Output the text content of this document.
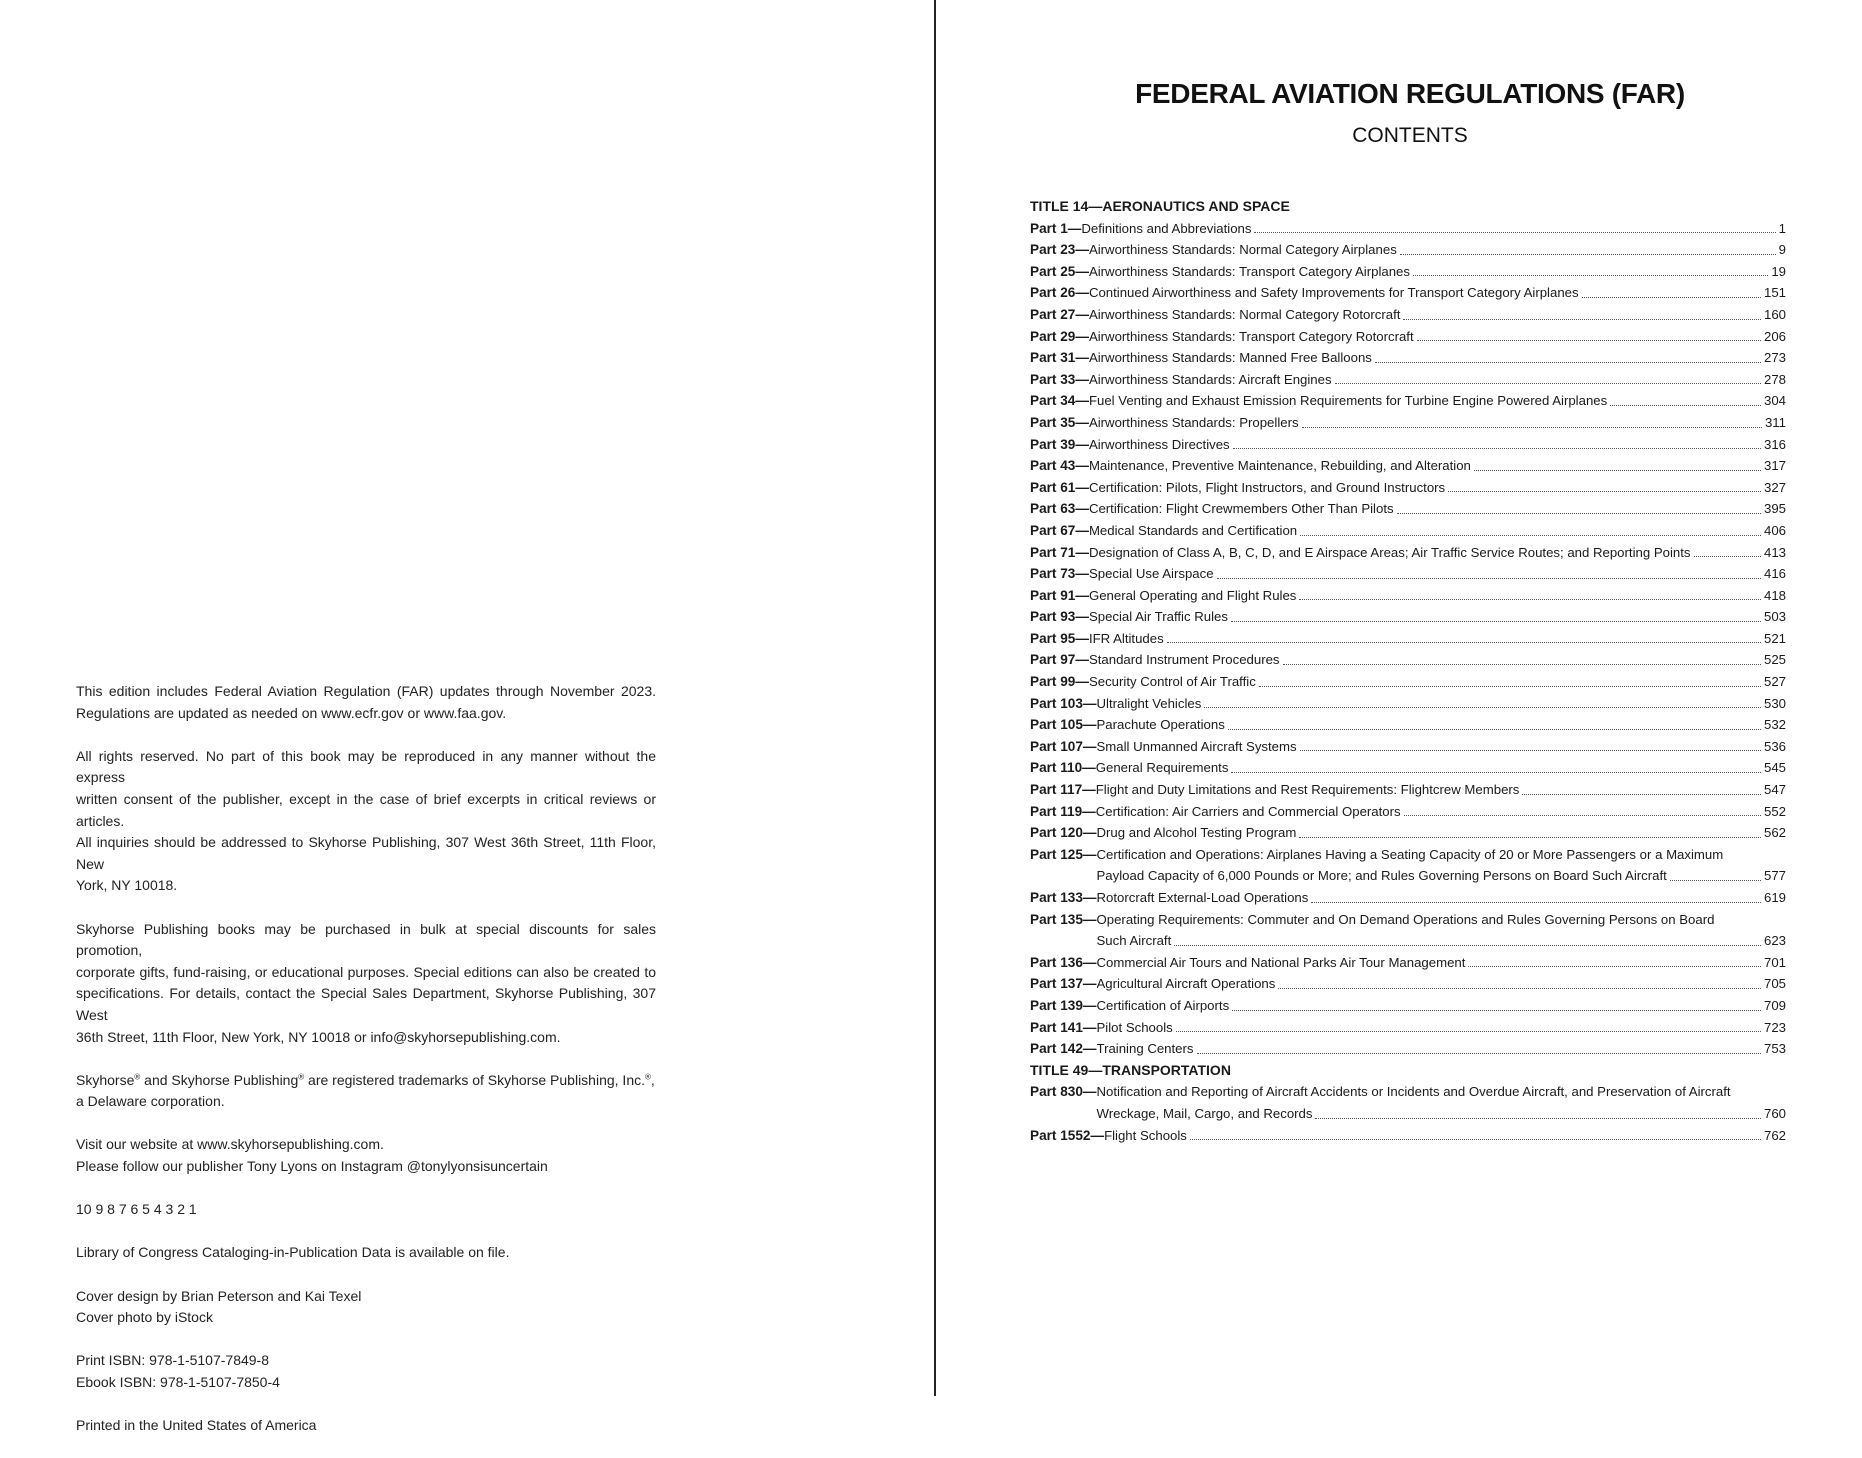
This edition includes Federal Aviation Regulation (FAR) updates through November 2023.
Regulations are updated as needed on www.ecfr.gov or www.faa.gov.

All rights reserved. No part of this book may be reproduced in any manner without the express
written consent of the publisher, except in the case of brief excerpts in critical reviews or articles.
All inquiries should be addressed to Skyhorse Publishing, 307 West 36th Street, 11th Floor, New
York, NY 10018.

Skyhorse Publishing books may be purchased in bulk at special discounts for sales promotion,
corporate gifts, fund-raising, or educational purposes. Special editions can also be created to
specifications. For details, contact the Special Sales Department, Skyhorse Publishing, 307 West
36th Street, 11th Floor, New York, NY 10018 or info@skyhorsepublishing.com.

Skyhorse® and Skyhorse Publishing® are registered trademarks of Skyhorse Publishing, Inc.®,
a Delaware corporation.

Visit our website at www.skyhorsepublishing.com.
Please follow our publisher Tony Lyons on Instagram @tonylyonsisuncertain

10 9 8 7 6 5 4 3 2 1

Library of Congress Cataloging-in-Publication Data is available on file.

Cover design by Brian Peterson and Kai Texel
Cover photo by iStock

Print ISBN: 978-1-5107-7849-8
Ebook ISBN: 978-1-5107-7850-4

Printed in the United States of America

FEDERAL AVIATION REGULATIONS (FAR)
CONTENTS
TITLE 14—AERONAUTICS AND SPACE
Part 1— Definitions and Abbreviations	1
Part 23— Airworthiness Standards: Normal Category Airplanes	9
Part 25— Airworthiness Standards: Transport Category Airplanes	19
Part 26— Continued Airworthiness and Safety Improvements for Transport Category Airplanes	151
Part 27— Airworthiness Standards: Normal Category Rotorcraft	160
Part 29— Airworthiness Standards: Transport Category Rotorcraft	206
Part 31— Airworthiness Standards: Manned Free Balloons	273
Part 33— Airworthiness Standards: Aircraft Engines	278
Part 34— Fuel Venting and Exhaust Emission Requirements for Turbine Engine Powered Airplanes	304
Part 35— Airworthiness Standards: Propellers	311
Part 39— Airworthiness Directives	316
Part 43— Maintenance, Preventive Maintenance, Rebuilding, and Alteration	317
Part 61— Certification: Pilots, Flight Instructors, and Ground Instructors	327
Part 63— Certification: Flight Crewmembers Other Than Pilots	395
Part 67— Medical Standards and Certification	406
Part 71— Designation of Class A, B, C, D, and E Airspace Areas; Air Traffic Service Routes; and Reporting Points	413
Part 73— Special Use Airspace	416
Part 91— General Operating and Flight Rules	418
Part 93— Special Air Traffic Rules	503
Part 95— IFR Altitudes	521
Part 97— Standard Instrument Procedures	525
Part 99— Security Control of Air Traffic	527
Part 103— Ultralight Vehicles	530
Part 105— Parachute Operations	532
Part 107— Small Unmanned Aircraft Systems	536
Part 110— General Requirements	545
Part 117— Flight and Duty Limitations and Rest Requirements: Flightcrew Members	547
Part 119— Certification: Air Carriers and Commercial Operators	552
Part 120— Drug and Alcohol Testing Program	562
Part 125— Certification and Operations: Airplanes Having a Seating Capacity of 20 or More Passengers or a Maximum
Payload Capacity of 6,000 Pounds or More; and Rules Governing Persons on Board Such Aircraft	577
Part 133— Rotorcraft External-Load Operations	619
Part 135— Operating Requirements: Commuter and On Demand Operations and Rules Governing Persons on Board
Such Aircraft	623
Part 136— Commercial Air Tours and National Parks Air Tour Management	701
Part 137— Agricultural Aircraft Operations	705
Part 139— Certification of Airports	709
Part 141— Pilot Schools	723
Part 142— Training Centers	753
TITLE 49—TRANSPORTATION
Part 830— Notification and Reporting of Aircraft Accidents or Incidents and Overdue Aircraft, and Preservation of Aircraft
Wreckage, Mail, Cargo, and Records	760
Part 1552— Flight Schools	762
